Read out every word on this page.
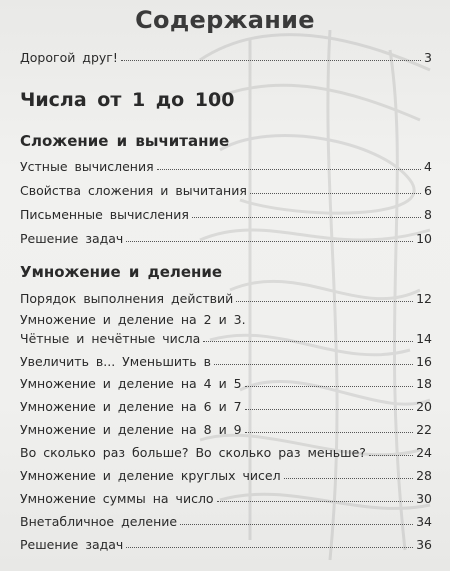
Содержание
Дорогой друг!	3
Числа от 1 до 100
Сложение и вычитание
Устные вычисления	4
Свойства сложения и вычитания	6
Письменные вычисления	8
Решение задач	10
Умножение и деление
Порядок выполнения действий	12
Умножение и деление на 2 и 3.
Чётные и нечётные числа	14
Увеличить в... Уменьшить в	16
Умножение и деление на 4 и 5	18
Умножение и деление на 6 и 7	20
Умножение и деление на 8 и 9	22
Во сколько раз больше? Во сколько раз меньше?	24
Умножение и деление круглых чисел	28
Умножение суммы на число	30
Внетабличное деление	34
Решение задач	36
